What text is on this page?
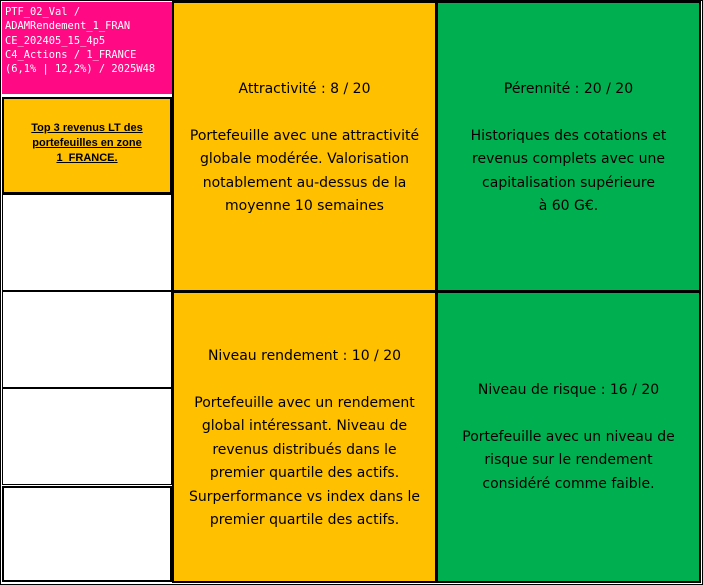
PTF_02_Val /
ADAMRendement_1_FRAN
CE_202405_15_4p5
C4_Actions / 1_FRANCE
(6,1% | 12,2%) / 2025W48
Top 3 revenus LT des portefeuilles en zone 1_FRANCE.
Attractivité : 8 / 20
Portefeuille avec une attractivité
globale modérée. Valorisation
notablement au-dessus de la
moyenne 10 semaines
Pérennité : 20 / 20
Historiques des cotations et
revenus complets avec une
capitalisation supérieure
à 60 G€.
Niveau rendement : 10 / 20
Portefeuille avec un rendement
global intéressant. Niveau de
revenus distribués dans le
premier quartile des actifs.
Surperformance vs index dans le
premier quartile des actifs.
Niveau de risque : 16 / 20
Portefeuille avec un niveau de
risque sur le rendement
considéré comme faible.
